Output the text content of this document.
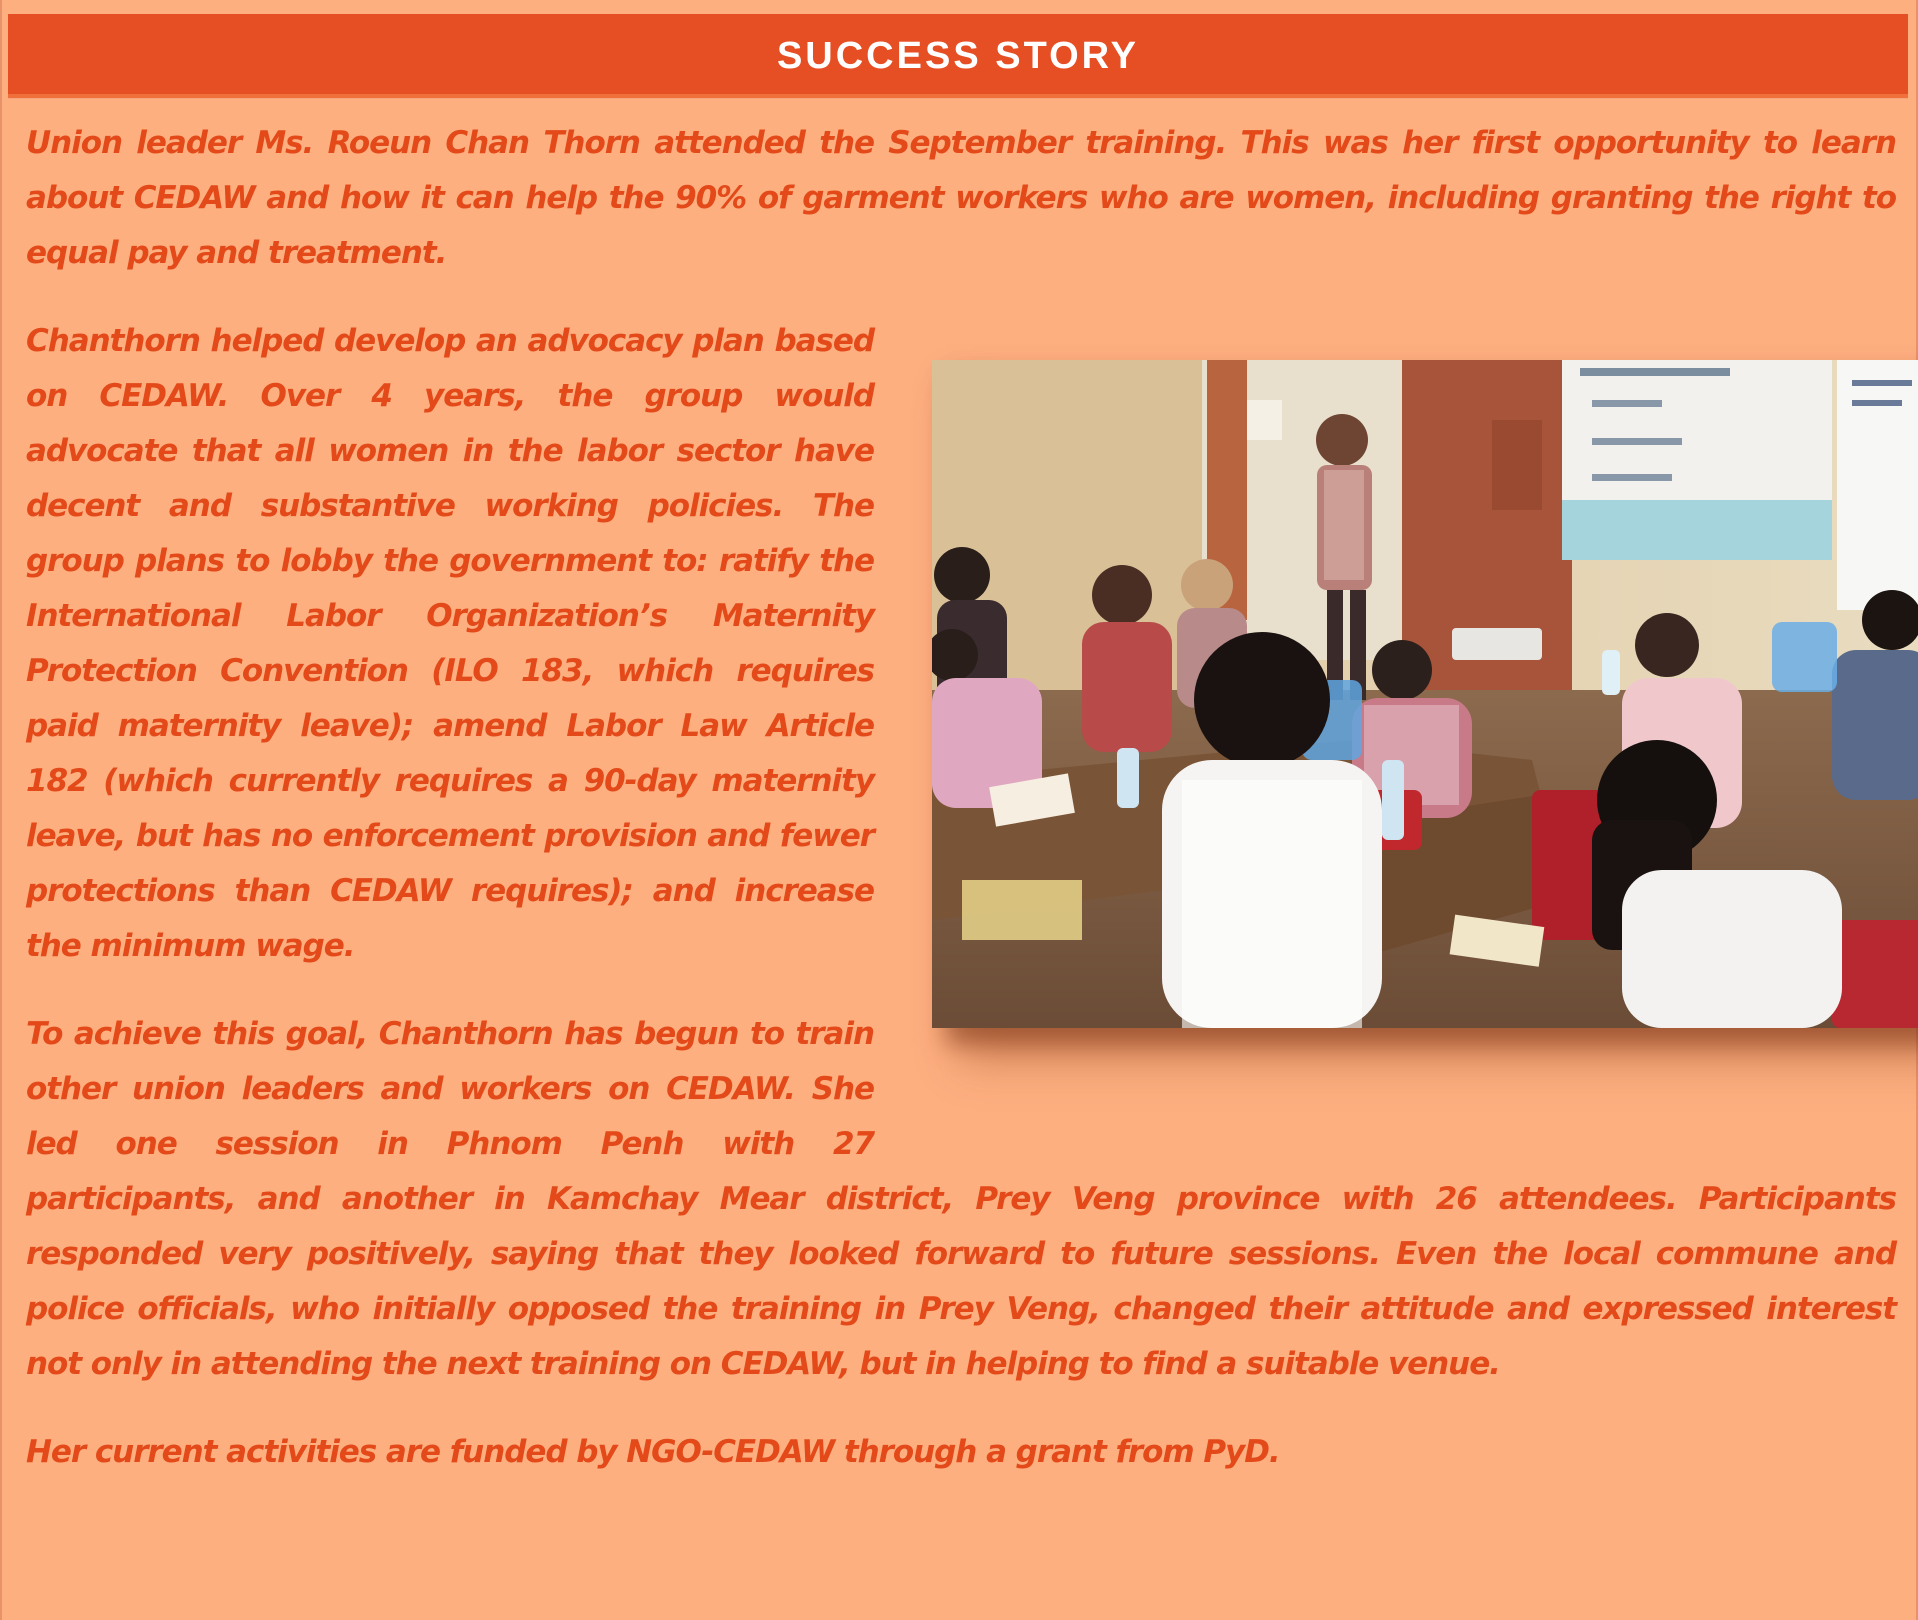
SUCCESS STORY

Union leader Ms. Roeun Chan Thorn attended the September training. This was her first opportunity to learn about CEDAW and how it can help the 90% of garment workers who are women, including granting the right to equal pay and treatment.

Chanthorn helped develop an advocacy plan based on CEDAW. Over 4 years, the group would advocate that all women in the labor sector have decent and substantive working policies. The group plans to lobby the government to: ratify the International Labor Organization’s Maternity Protection Convention (ILO 183, which requires paid maternity leave); amend Labor Law Article 182 (which currently requires a 90-day maternity leave, but has no enforcement provision and fewer protections than CEDAW requires); and increase the minimum wage.

To achieve this goal, Chanthorn has begun to train other union leaders and workers on CEDAW. She led one session in Phnom Penh with 27 participants, and another in Kamchay Mear district, Prey Veng province with 26 attendees. Participants responded very positively, saying that they looked forward to future sessions. Even the local commune and police officials, who initially opposed the training in Prey Veng, changed their attitude and expressed interest not only in attending the next training on CEDAW, but in helping to find a suitable venue.

Her current activities are funded by NGO-CEDAW through a grant from PyD.
